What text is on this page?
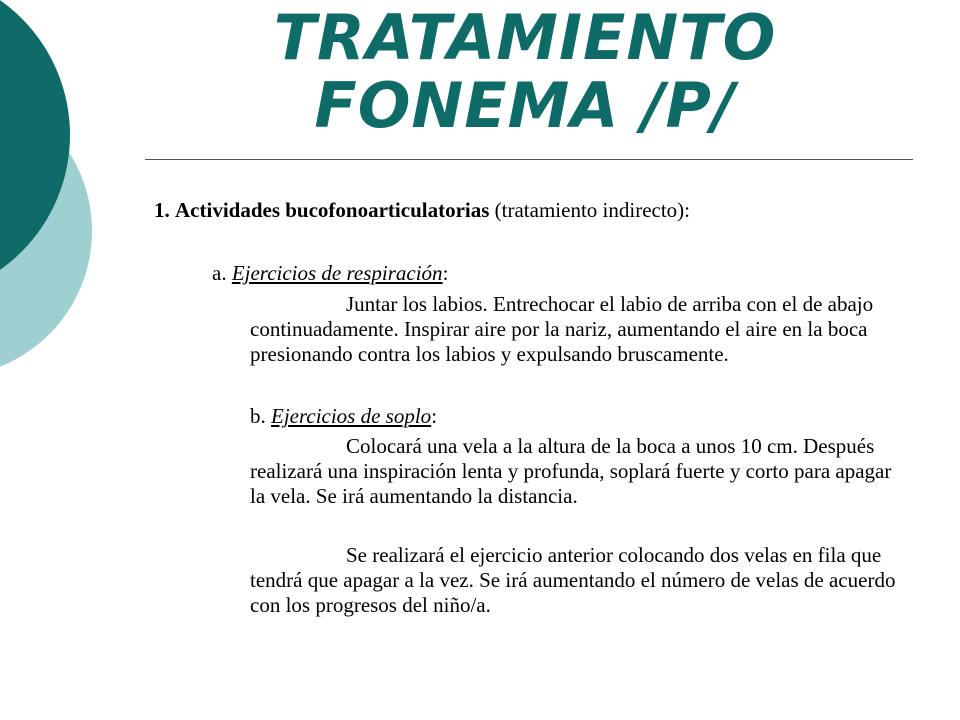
TRATAMIENTO
FONEMA /P/

1. Actividades bucofonoarticulatorias (tratamiento indirecto):

a. Ejercicios de respiración:

Juntar los labios. Entrechocar el labio de arriba con el de abajo continuadamente. Inspirar aire por la nariz, aumentando el aire en la boca presionando contra los labios y expulsando bruscamente.

b. Ejercicios de soplo:

Colocará una vela a la altura de la boca a unos 10 cm. Después realizará una inspiración lenta y profunda, soplará fuerte y corto para apagar la vela. Se irá aumentando la distancia.

Se realizará el ejercicio anterior colocando dos velas en fila que tendrá que apagar a la vez. Se irá aumentando el número de velas de acuerdo con los progresos del niño/a.
